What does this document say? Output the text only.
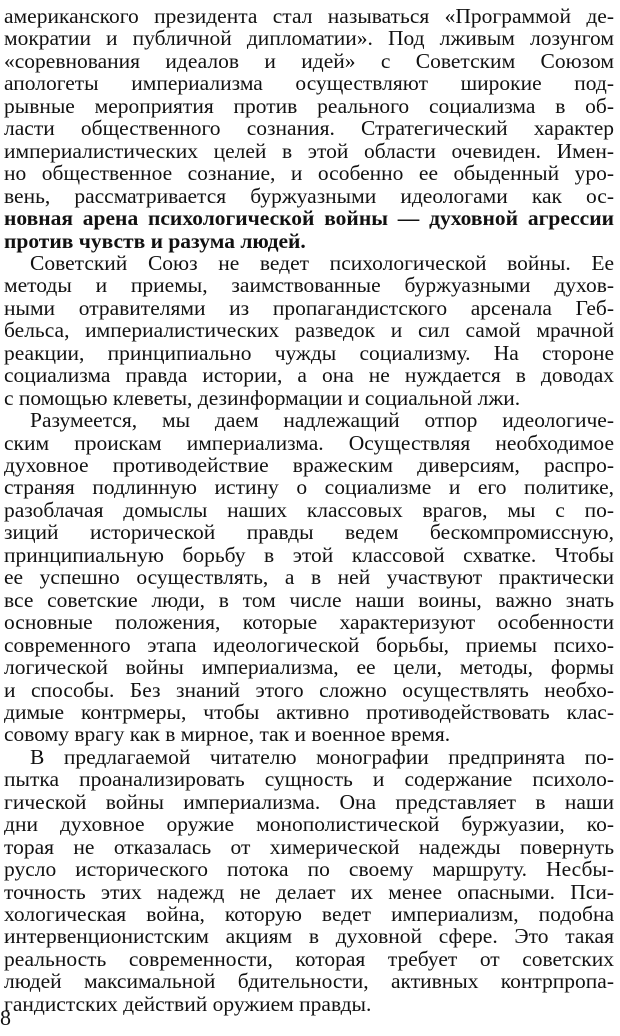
американского президента стал называться «Программой де-
мократии и публичной дипломатии». Под лживым лозунгом
«соревнования идеалов и идей» с Советским Союзом
апологеты империализма осуществляют широкие под-
рывные мероприятия против реального социализма в об-
ласти общественного сознания. Стратегический характер
империалистических целей в этой области очевиден. Имен-
но общественное сознание, и особенно ее обыденный уро-
вень, рассматривается буржуазными идеологами как ос-
новная арена психологической войны — духовной агрессии
против чувств и разума людей.
Советский Союз не ведет психологической войны. Ее
методы и приемы, заимствованные буржуазными духов-
ными отравителями из пропагандистского арсенала Геб-
бельса, империалистических разведок и сил самой мрачной
реакции, принципиально чужды социализму. На стороне
социализма правда истории, а она не нуждается в доводах
с помощью клеветы, дезинформации и социальной лжи.
Разумеется, мы даем надлежащий отпор идеологиче-
ским проискам империализма. Осуществляя необходимое
духовное противодействие вражеским диверсиям, распро-
страняя подлинную истину о социализме и его политике,
разоблачая домыслы наших классовых врагов, мы с по-
зиций исторической правды ведем бескомпромиссную,
принципиальную борьбу в этой классовой схватке. Чтобы
ее успешно осуществлять, а в ней участвуют практически
все советские люди, в том числе наши воины, важно знать
основные положения, которые характеризуют особенности
современного этапа идеологической борьбы, приемы психо-
логической войны империализма, ее цели, методы, формы
и способы. Без знаний этого сложно осуществлять необхо-
димые контрмеры, чтобы активно противодействовать клас-
совому врагу как в мирное, так и военное время.
В предлагаемой читателю монографии предпринята по-
пытка проанализировать сущность и содержание психоло-
гической войны империализма. Она представляет в наши
дни духовное оружие монополистической буржуазии, ко-
торая не отказалась от химерической надежды повернуть
русло исторического потока по своему маршруту. Несбы-
точность этих надежд не делает их менее опасными. Пси-
хологическая война, которую ведет империализм, подобна
интервенционистским акциям в духовной сфере. Это такая
реальность современности, которая требует от советских
людей максимальной бдительности, активных контрпропа-
гандистских действий оружием правды.
8
